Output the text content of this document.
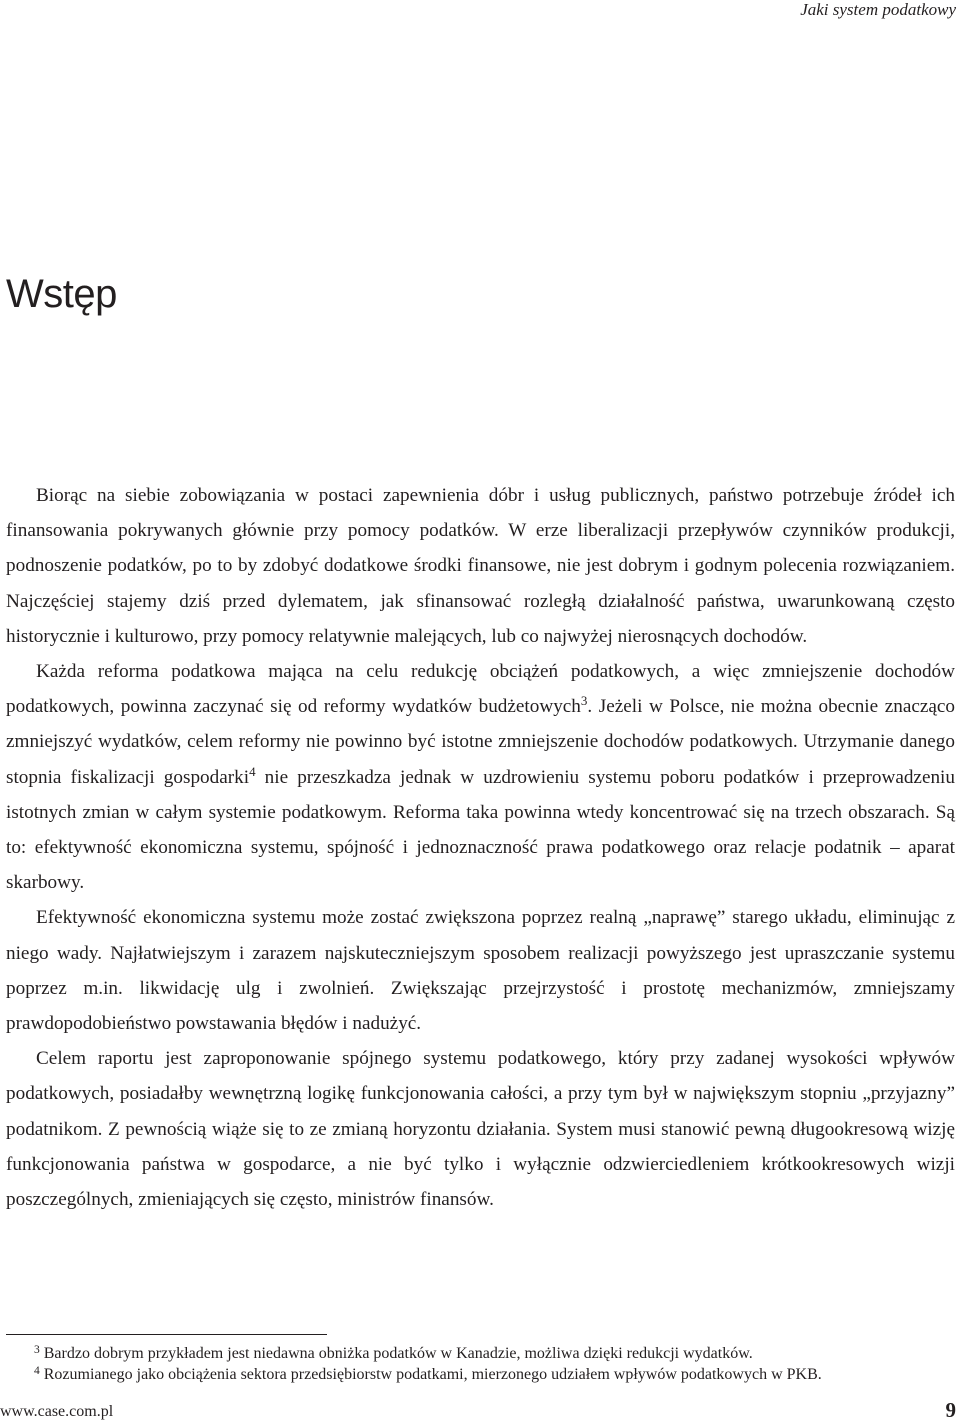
Jaki system podatkowy
Wstęp

Biorąc na siebie zobowiązania w postaci zapewnienia dóbr i usług publicznych, państwo potrzebuje źródeł ich finansowania pokrywanych głównie przy pomocy podatków. W erze liberalizacji przepływów czynników produkcji, podnoszenie podatków, po to by zdobyć dodatkowe środki finansowe, nie jest dobrym i godnym polecenia rozwiązaniem. Najczęściej stajemy dziś przed dylematem, jak sfinansować rozległą działalność państwa, uwarunkowaną często historycznie i kulturowo, przy pomocy relatywnie malejących, lub co najwyżej nierosnących dochodów.

Każda reforma podatkowa mająca na celu redukcję obciążeń podatkowych, a więc zmniejszenie dochodów podatkowych, powinna zaczynać się od reformy wydatków budżetowych$^3$. Jeżeli w Polsce, nie można obecnie znacząco zmniejszyć wydatków, celem reformy nie powinno być istotne zmniejszenie dochodów podatkowych. Utrzymanie danego stopnia fiskalizacji gospodarki$^4$ nie przeszkadza jednak w uzdrowieniu systemu poboru podatków i przeprowadzeniu istotnych zmian w całym systemie podatkowym. Reforma taka powinna wtedy koncentrować się na trzech obszarach. Są to: efektywność ekonomiczna systemu, spójność i jednoznaczność prawa podatkowego oraz relacje podatnik – aparat skarbowy.

Efektywność ekonomiczna systemu może zostać zwiększona poprzez realną „naprawę” starego układu, eliminując z niego wady. Najłatwiejszym i zarazem najskuteczniejszym sposobem realizacji powyższego jest upraszczanie systemu poprzez m.in. likwidację ulg i zwolnień. Zwiększając przejrzystość i prostotę mechanizmów, zmniejszamy prawdopodobieństwo powstawania błędów i nadużyć.

Celem raportu jest zaproponowanie spójnego systemu podatkowego, który przy zadanej wysokości wpływów podatkowych, posiadałby wewnętrzną logikę funkcjonowania całości, a przy tym był w największym stopniu „przyjazny” podatnikom. Z pewnością wiąże się to ze zmianą horyzontu działania. System musi stanowić pewną długookresową wizję funkcjonowania państwa w gospodarce, a nie być tylko i wyłącznie odzwierciedleniem krótkookresowych wizji poszczególnych, zmieniających się często, ministrów finansów.

$^3$ Bardzo dobrym przykładem jest niedawna obniżka podatków w Kanadzie, możliwa dzięki redukcji wydatków.

$^4$ Rozumianego jako obciążenia sektora przedsiębiorstw podatkami, mierzonego udziałem wpływów podatkowych w PKB.

www.case.com.pl	9
